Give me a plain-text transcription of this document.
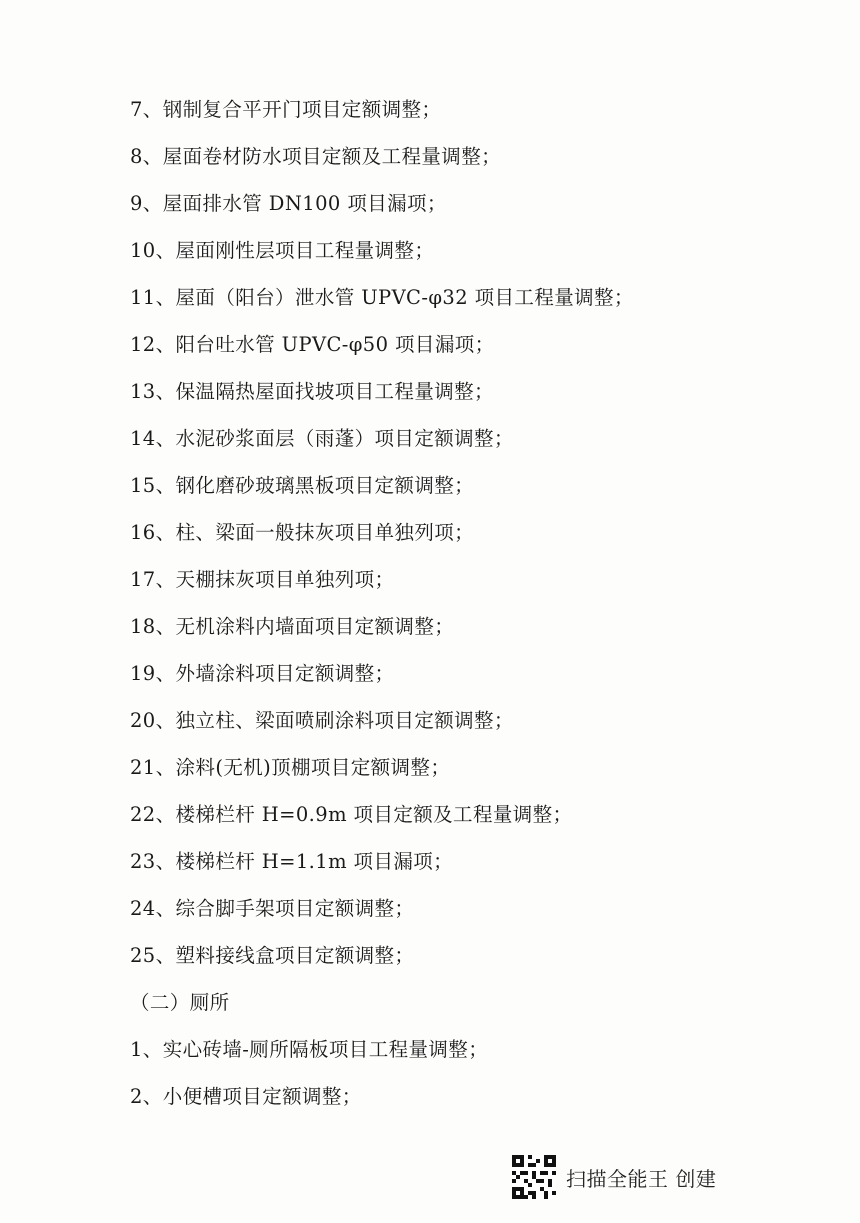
7、钢制复合平开门项目定额调整；
8、屋面卷材防水项目定额及工程量调整；
9、屋面排水管 DN100 项目漏项；
10、屋面刚性层项目工程量调整；
11、屋面（阳台）泄水管 UPVC-φ32 项目工程量调整；
12、阳台吐水管 UPVC-φ50 项目漏项；
13、保温隔热屋面找坡项目工程量调整；
14、水泥砂浆面层（雨蓬）项目定额调整；
15、钢化磨砂玻璃黑板项目定额调整；
16、柱、梁面一般抹灰项目单独列项；
17、天棚抹灰项目单独列项；
18、无机涂料内墙面项目定额调整；
19、外墙涂料项目定额调整；
20、独立柱、梁面喷刷涂料项目定额调整；
21、涂料(无机)顶棚项目定额调整；
22、楼梯栏杆 H=0.9m 项目定额及工程量调整；
23、楼梯栏杆 H=1.1m 项目漏项；
24、综合脚手架项目定额调整；
25、塑料接线盒项目定额调整；
（二）厕所
1、实心砖墙-厕所隔板项目工程量调整；
2、小便槽项目定额调整；
扫描全能王 创建
